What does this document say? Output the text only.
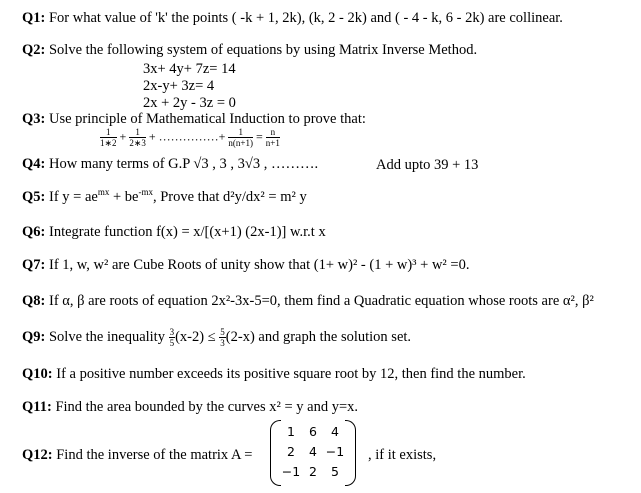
Q1: For what value of 'k' the points ( -k + 1, 2k), (k, 2 - 2k) and ( - 4 - k, 6 - 2k) are collinear.
Q2: Solve the following system of equations by using Matrix Inverse Method.
3x+ 4y+ 7z= 14
2x-y+ 3z= 4
2x + 2y - 3z = 0
Q3: Use principle of Mathematical Induction to prove that:
$\frac{1}{1∗2} + \frac{1}{2∗3}$ + ……………+ $\frac{1}{n(n+1)} = \frac{n}{n+1}$
Q4: How many terms of G.P √3 , 3 , 3√3 , ……….	Add upto 39 + 13
Q5: If $y = ae^{mx} + be^{-mx}$, Prove that d²y/dx² = m² y
Q6: Integrate function f(x) = x/[(x+1) (2x-1)] w.r.t x
Q7: If 1, w, w² are Cube Roots of unity show that (1+ w)² - (1 + w)³ + w² =0.
Q8: If α, β are roots of equation 2x²-3x-5=0, them find a Quadratic equation whose roots are α², β²
Q9: Solve the inequality $\frac{3}{5} (x-2) \le \frac{5}{3} (2-x)$ and graph the solution set.
Q10: If a positive number exceeds its positive square root by 12, then find the number.
Q11: Find the area bounded by the curves x² = y and y=x.
Q12: Find the inverse of the matrix A =
1	6	4
2	4 −1
−1 2	5
, if it exists,
